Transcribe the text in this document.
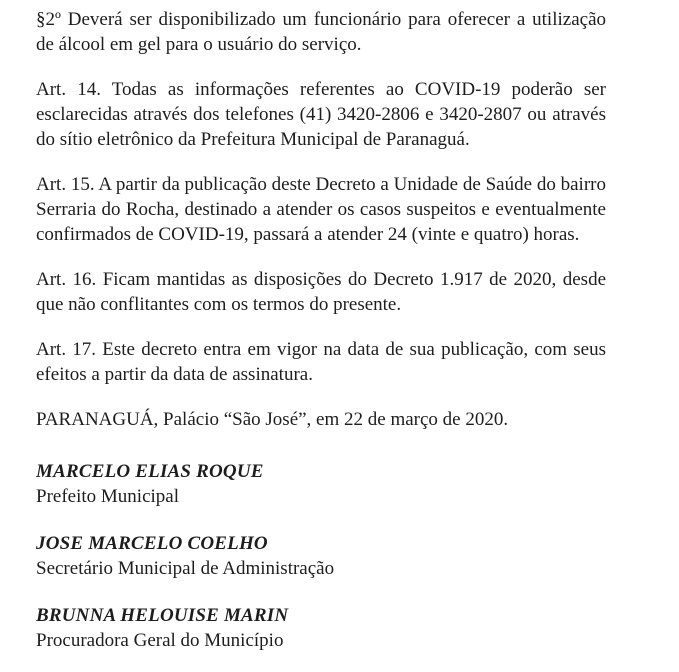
§2º Deverá ser disponibilizado um funcionário para oferecer a utilização de álcool em gel para o usuário do serviço.

Art. 14. Todas as informações referentes ao COVID-19 poderão ser esclarecidas através dos telefones (41) 3420-2806 e 3420-2807 ou através do sítio eletrônico da Prefeitura Municipal de Paranaguá.

Art. 15. A partir da publicação deste Decreto a Unidade de Saúde do bairro Serraria do Rocha, destinado a atender os casos suspeitos e eventualmente confirmados de COVID-19, passará a atender 24 (vinte e quatro) horas.

Art. 16. Ficam mantidas as disposições do Decreto 1.917 de 2020, desde que não conflitantes com os termos do presente.

Art. 17. Este decreto entra em vigor na data de sua publicação, com seus efeitos a partir da data de assinatura.

PARANAGUÁ, Palácio “São José”, em 22 de março de 2020.

MARCELO ELIAS ROQUE

Prefeito Municipal

JOSE MARCELO COELHO

Secretário Municipal de Administração

BRUNNA HELOUISE MARIN

Procuradora Geral do Município
